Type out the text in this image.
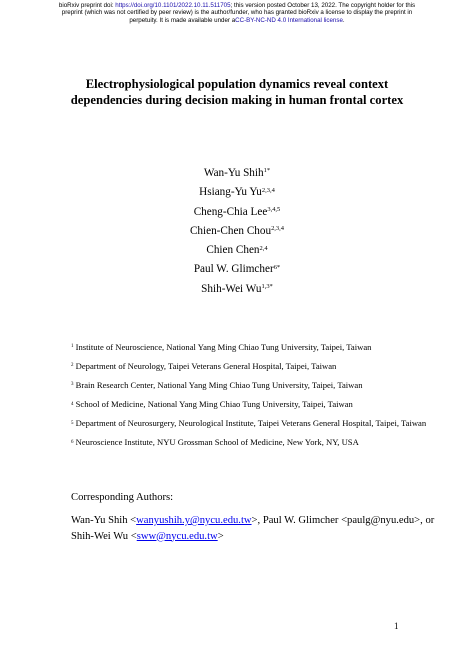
bioRxiv preprint doi: https://doi.org/10.1101/2022.10.11.511705; this version posted October 13, 2022. The copyright holder for this
preprint (which was not certified by peer review) is the author/funder, who has granted bioRxiv a license to display the preprint in
perpetuity. It is made available under aCC-BY-NC-ND 4.0 International license.
Electrophysiological population dynamics reveal context
dependencies during decision making in human frontal cortex
Wan-Yu Shih$^{1*}$
Hsiang-Yu Yu$^{2,3,4}$
Cheng-Chia Lee$^{3,4,5}$
Chien-Chen Chou$^{2,3,4}$
Chien Chen$^{2,4}$
Paul W. Glimcher$^{6*}$
Shih-Wei $Wu^{1,3*}$
$^1$ Institute of Neuroscience, National Yang Ming Chiao Tung University, Taipei, Taiwan
$^2$ Department of Neurology, Taipei Veterans General Hospital, Taipei, Taiwan
$^3$ Brain Research Center, National Yang Ming Chiao Tung University, Taipei, Taiwan
$^4$ School of Medicine, National Yang Ming Chiao Tung University, Taipei, Taiwan
$^5$ Department of Neurosurgery, Neurological Institute, Taipei Veterans General Hospital, Taipei, Taiwan
$^6$ Neuroscience Institute, NYU Grossman School of Medicine, New York, NY, USA
Corresponding Authors:
Wan-Yu Shih <wanyushih.y@nycu.edu.tw>, Paul W. Glimcher <paulg@nyu.edu>, or
Shih-Wei Wu <sww@nycu.edu.tw>
1
